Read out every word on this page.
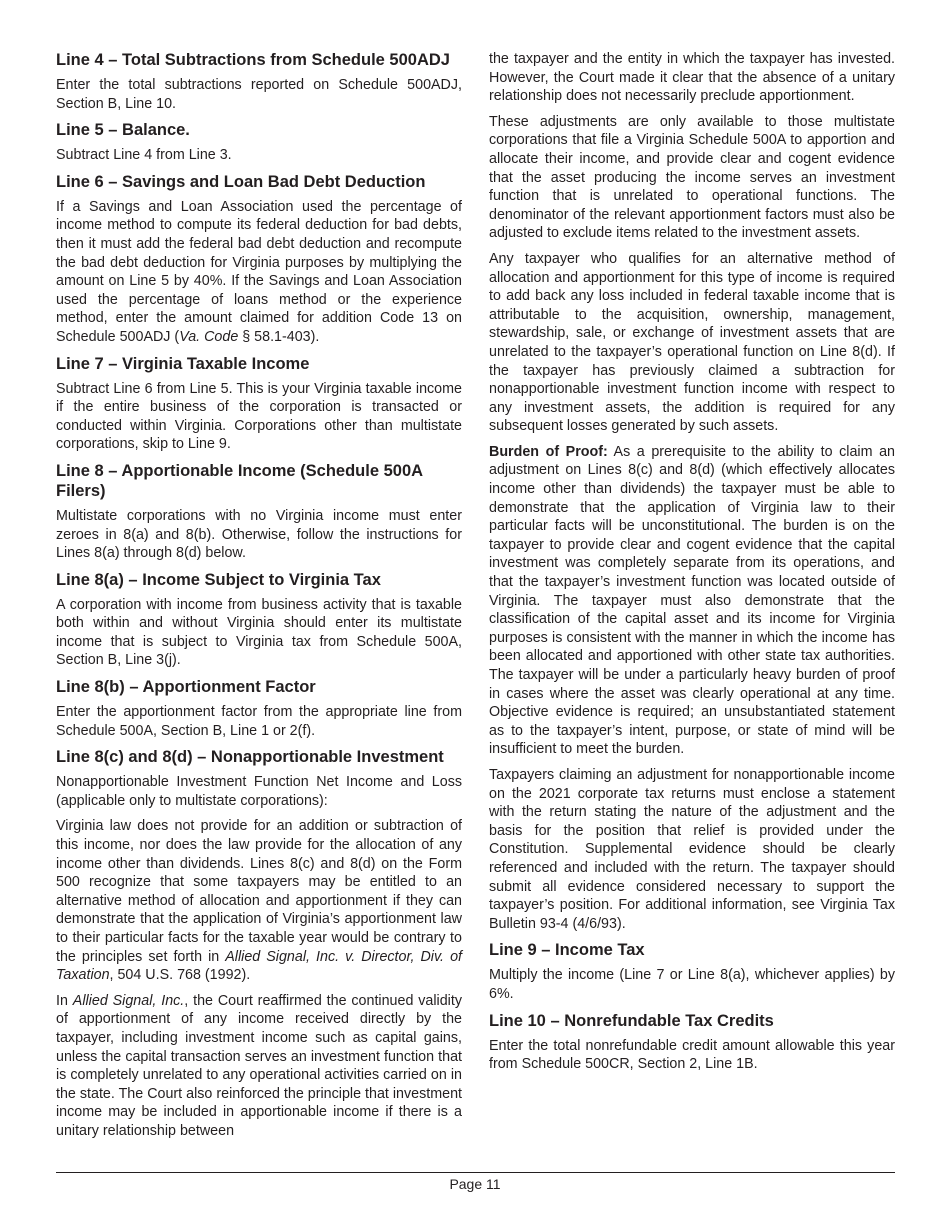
Line 4 – Total Subtractions from Schedule 500ADJ

Enter the total subtractions reported on Schedule 500ADJ, Section B, Line 10.

Line 5 – Balance.

Subtract Line 4 from Line 3.

Line 6 – Savings and Loan Bad Debt Deduction

If a Savings and Loan Association used the percentage of income method to compute its federal deduction for bad debts, then it must add the federal bad debt deduction and recompute the bad debt deduction for Virginia purposes by multiplying the amount on Line 5 by 40%. If the Savings and Loan Association used the percentage of loans method or the experience method, enter the amount claimed for addition Code 13 on Schedule 500ADJ (Va. Code § 58.1-403).

Line 7 – Virginia Taxable Income

Subtract Line 6 from Line 5. This is your Virginia taxable income if the entire business of the corporation is transacted or conducted within Virginia. Corporations other than multistate corporations, skip to Line 9.

Line 8 – Apportionable Income (Schedule 500A Filers)

Multistate corporations with no Virginia income must enter zeroes in 8(a) and 8(b). Otherwise, follow the instructions for Lines 8(a) through 8(d) below.

Line 8(a) – Income Subject to Virginia Tax

A corporation with income from business activity that is taxable both within and without Virginia should enter its multistate income that is subject to Virginia tax from Schedule 500A, Section B, Line 3(j).

Line 8(b) – Apportionment Factor

Enter the apportionment factor from the appropriate line from Schedule 500A, Section B, Line 1 or 2(f).

Line 8(c) and 8(d) – Nonapportionable Investment

Nonapportionable Investment Function Net Income and Loss (applicable only to multistate corporations):

Virginia law does not provide for an addition or subtraction of this income, nor does the law provide for the allocation of any income other than dividends. Lines 8(c) and 8(d) on the Form 500 recognize that some taxpayers may be entitled to an alternative method of allocation and apportionment if they can demonstrate that the application of Virginia’s apportionment law to their particular facts for the taxable year would be contrary to the principles set forth in Allied Signal, Inc. v. Director, Div. of Taxation, 504 U.S. 768 (1992).

In Allied Signal, Inc., the Court reaffirmed the continued validity of apportionment of any income received directly by the taxpayer, including investment income such as capital gains, unless the capital transaction serves an investment function that is completely unrelated to any operational activities carried on in the state. The Court also reinforced the principle that investment income may be included in apportionable income if there is a unitary relationship between

the taxpayer and the entity in which the taxpayer has invested. However, the Court made it clear that the absence of a unitary relationship does not necessarily preclude apportionment.

These adjustments are only available to those multistate corporations that file a Virginia Schedule 500A to apportion and allocate their income, and provide clear and cogent evidence that the asset producing the income serves an investment function that is unrelated to operational functions. The denominator of the relevant apportionment factors must also be adjusted to exclude items related to the investment assets.

Any taxpayer who qualifies for an alternative method of allocation and apportionment for this type of income is required to add back any loss included in federal taxable income that is attributable to the acquisition, ownership, management, stewardship, sale, or exchange of investment assets that are unrelated to the taxpayer’s operational function on Line 8(d). If the taxpayer has previously claimed a subtraction for nonapportionable investment function income with respect to any investment assets, the addition is required for any subsequent losses generated by such assets.

Burden of Proof: As a prerequisite to the ability to claim an adjustment on Lines 8(c) and 8(d) (which effectively allocates income other than dividends) the taxpayer must be able to demonstrate that the application of Virginia law to their particular facts will be unconstitutional. The burden is on the taxpayer to provide clear and cogent evidence that the capital investment was completely separate from its operations, and that the taxpayer’s investment function was located outside of Virginia. The taxpayer must also demonstrate that the classification of the capital asset and its income for Virginia purposes is consistent with the manner in which the income has been allocated and apportioned with other state tax authorities. The taxpayer will be under a particularly heavy burden of proof in cases where the asset was clearly operational at any time. Objective evidence is required; an unsubstantiated statement as to the taxpayer’s intent, purpose, or state of mind will be insufficient to meet the burden.

Taxpayers claiming an adjustment for nonapportionable income on the 2021 corporate tax returns must enclose a statement with the return stating the nature of the adjustment and the basis for the position that relief is provided under the Constitution. Supplemental evidence should be clearly referenced and included with the return. The taxpayer should submit all evidence considered necessary to support the taxpayer’s position. For additional information, see Virginia Tax Bulletin 93-4 (4/6/93).

Line 9 – Income Tax

Multiply the income (Line 7 or Line 8(a), whichever applies) by 6%.

Line 10 – Nonrefundable Tax Credits

Enter the total nonrefundable credit amount allowable this year from Schedule 500CR, Section 2, Line 1B.

Page 11
